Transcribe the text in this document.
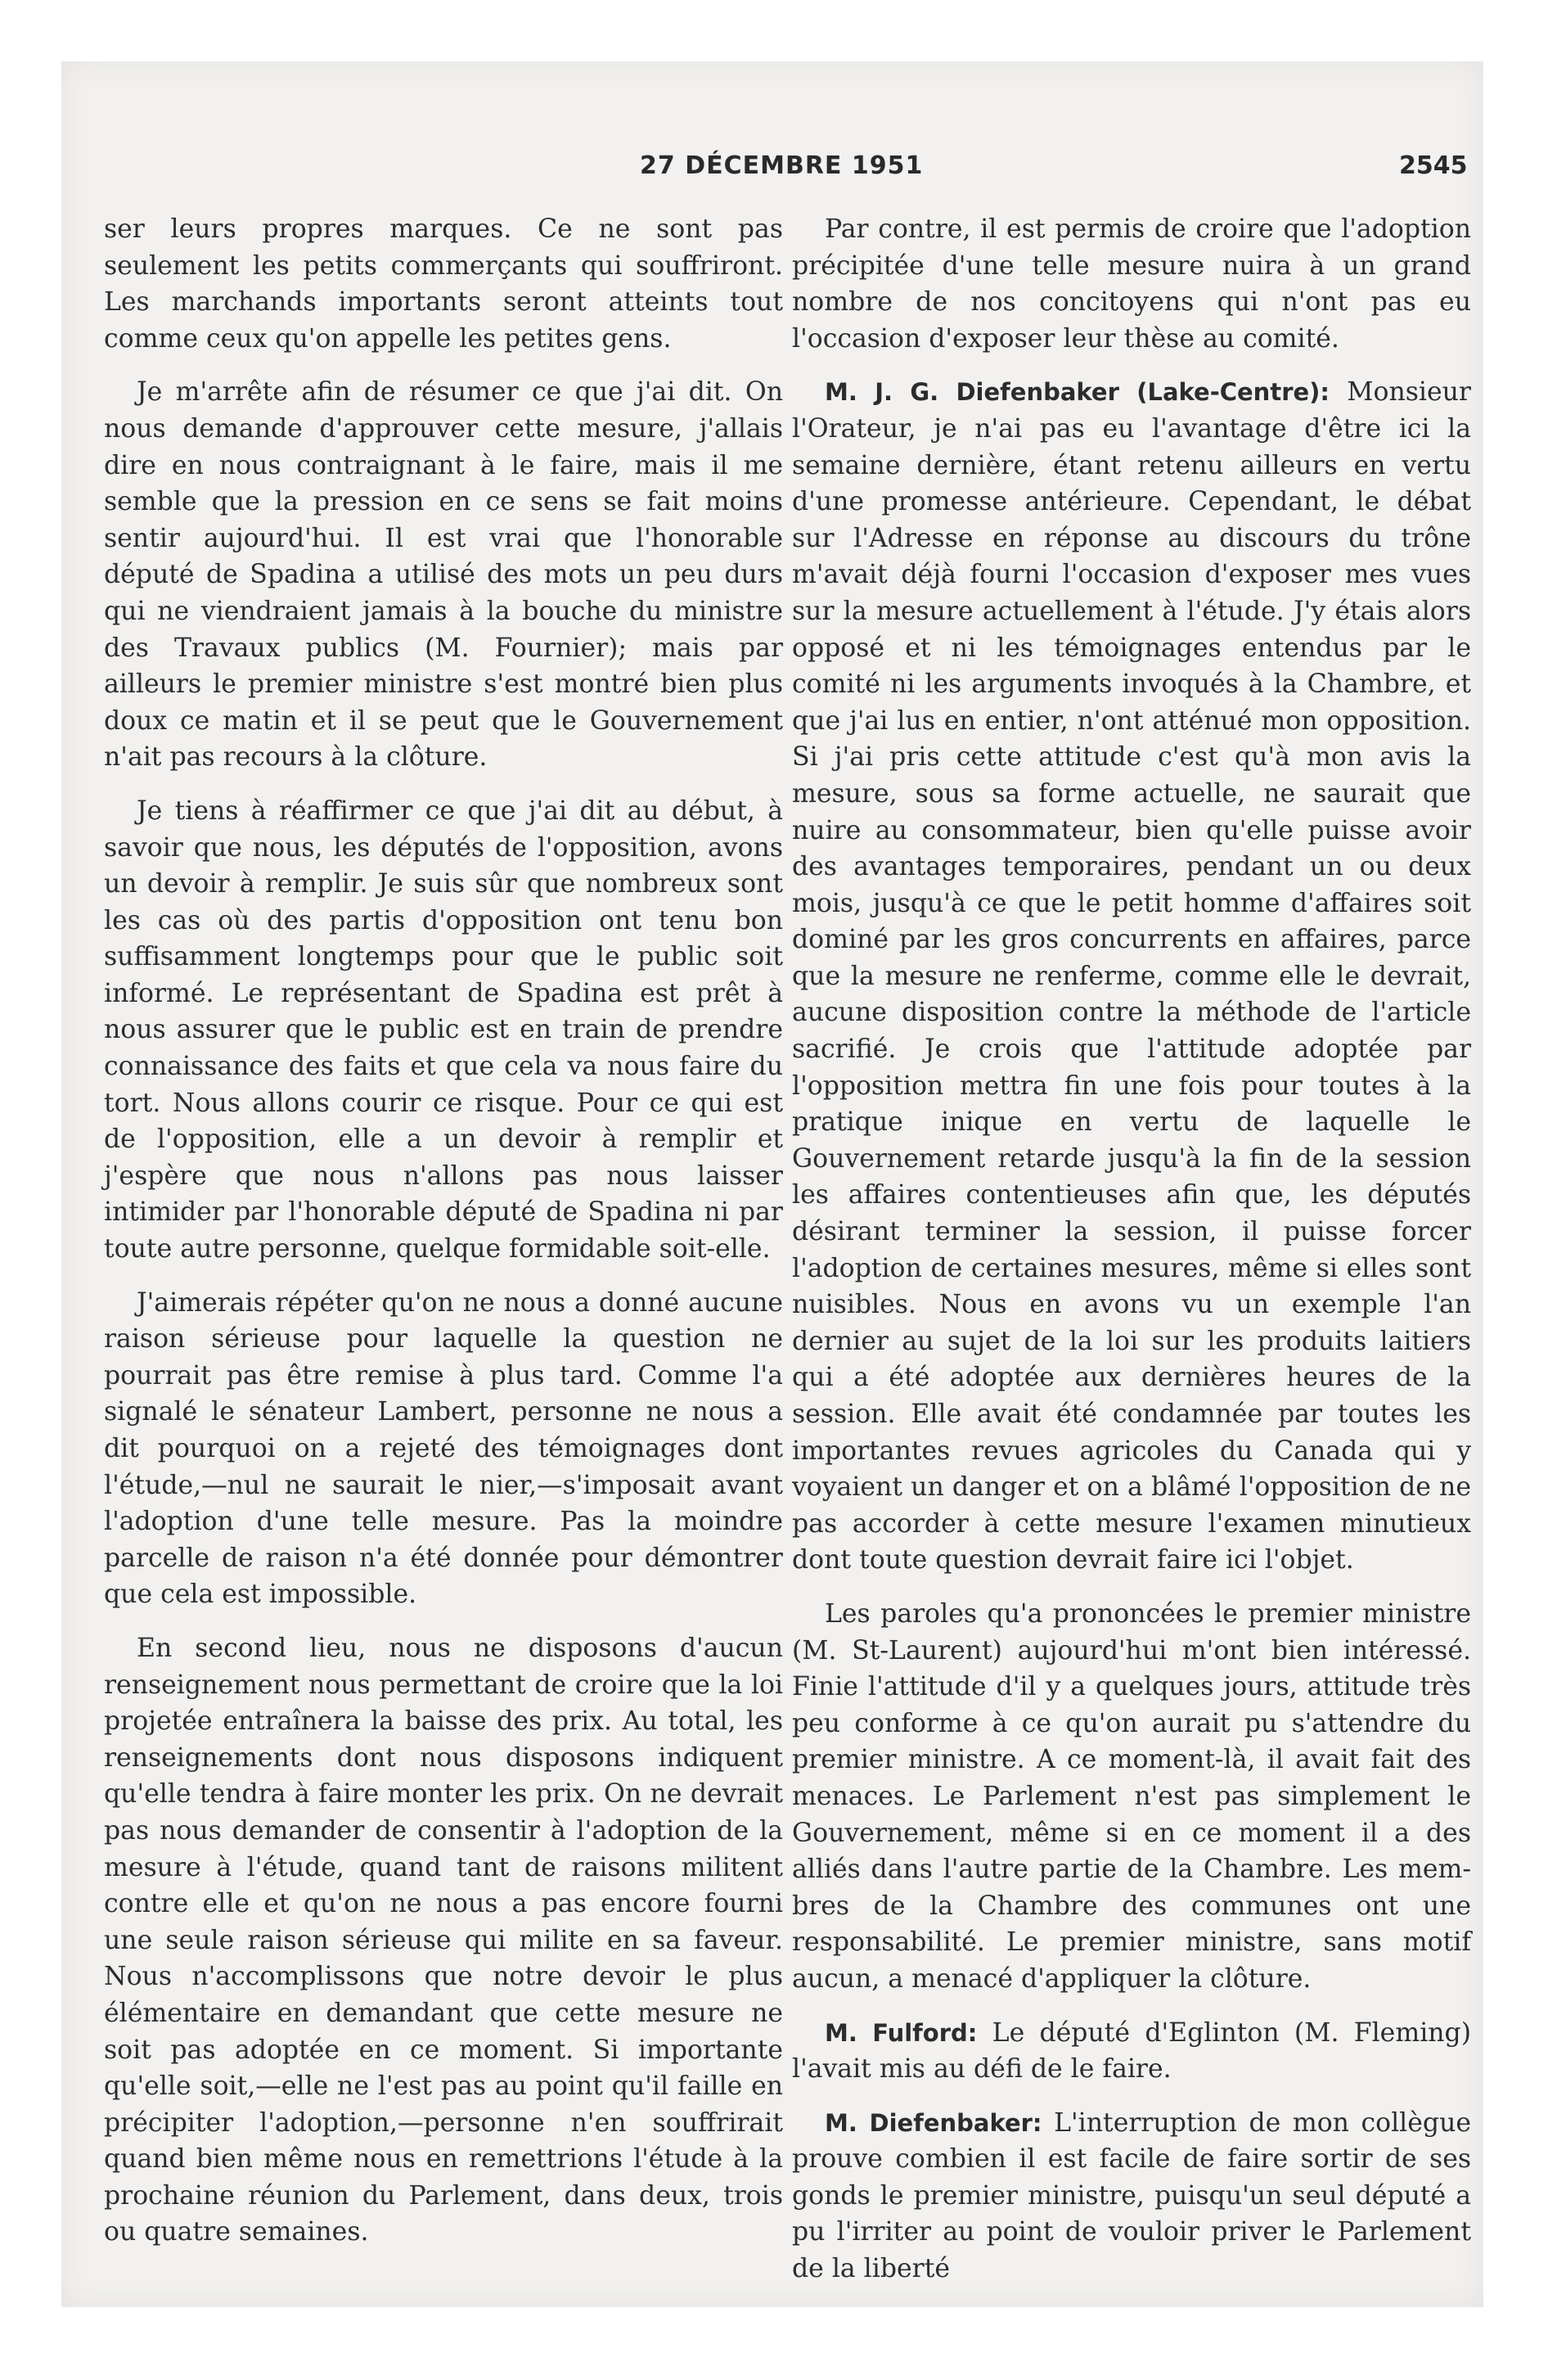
27 DÉCEMBRE 1951	2545

ser leurs propres marques. Ce ne sont pas seulement les petits commerçants qui souffriront. Les marchands importants seront atteints tout comme ceux qu'on appelle les petites gens.

Je m'arrête afin de résumer ce que j'ai dit. On nous demande d'approuver cette mesure, j'allais dire en nous contraignant à le faire, mais il me semble que la pression en ce sens se fait moins sentir aujourd'hui. Il est vrai que l'honorable député de Spadina a utilisé des mots un peu durs qui ne viendraient jamais à la bouche du ministre des Travaux publics (M. Fournier); mais par ailleurs le premier ministre s'est montré bien plus doux ce matin et il se peut que le Gouvernement n'ait pas recours à la clôture.

Je tiens à réaffirmer ce que j'ai dit au début, à savoir que nous, les députés de l'opposition, avons un devoir à remplir. Je suis sûr que nombreux sont les cas où des partis d'opposition ont tenu bon suffisamment longtemps pour que le public soit informé. Le représentant de Spadina est prêt à nous assurer que le public est en train de prendre connaissance des faits et que cela va nous faire du tort. Nous allons courir ce risque. Pour ce qui est de l'opposition, elle a un devoir à remplir et j'espère que nous n'allons pas nous laisser intimider par l'honorable député de Spadina ni par toute autre personne, quelque formidable soit-elle.

J'aimerais répéter qu'on ne nous a donné aucune raison sérieuse pour laquelle la question ne pourrait pas être remise à plus tard. Comme l'a signalé le sénateur Lambert, personne ne nous a dit pourquoi on a rejeté des témoignages dont l'étude,—nul ne saurait le nier,—s'imposait avant l'adoption d'une telle mesure. Pas la moindre parcelle de raison n'a été donnée pour démontrer que cela est impossible.

En second lieu, nous ne disposons d'aucun renseignement nous permettant de croire que la loi projetée entraînera la baisse des prix. Au total, les renseignements dont nous disposons indiquent qu'elle tendra à faire monter les prix. On ne devrait pas nous demander de consentir à l'adoption de la mesure à l'étude, quand tant de raisons militent contre elle et qu'on ne nous a pas encore fourni une seule raison sérieuse qui milite en sa faveur. Nous n'accomplissons que notre devoir le plus élémentaire en demandant que cette mesure ne soit pas adoptée en ce moment. Si importante qu'elle soit,—elle ne l'est pas au point qu'il faille en précipiter l'adoption,—personne n'en souffrirait quand bien même nous en remettrions l'étude à la prochaine réunion du Parlement, dans deux, trois ou quatre semaines.

Par contre, il est permis de croire que l'adoption précipitée d'une telle mesure nuira à un grand nombre de nos concitoyens qui n'ont pas eu l'occasion d'exposer leur thèse au comité.

M. J. G. Diefenbaker (Lake-Centre): Monsieur l'Orateur, je n'ai pas eu l'avantage d'être ici la semaine dernière, étant retenu ailleurs en vertu d'une promesse antérieure. Cependant, le débat sur l'Adresse en réponse au discours du trône m'avait déjà fourni l'occasion d'exposer mes vues sur la mesure actuellement à l'étude. J'y étais alors opposé et ni les témoignages entendus par le comité ni les arguments invoqués à la Chambre, et que j'ai lus en entier, n'ont atténué mon opposition. Si j'ai pris cette attitude c'est qu'à mon avis la mesure, sous sa forme actuelle, ne saurait que nuire au consommateur, bien qu'elle puisse avoir des avantages temporaires, pendant un ou deux mois, jusqu'à ce que le petit homme d'affaires soit dominé par les gros concurrents en affaires, parce que la mesure ne renferme, comme elle le devrait, aucune disposition contre la méthode de l'article sacrifié. Je crois que l'attitude adoptée par l'opposition mettra fin une fois pour toutes à la pratique inique en vertu de laquelle le Gouvernement retarde jusqu'à la fin de la session les affaires contentieuses afin que, les députés désirant terminer la session, il puisse forcer l'adoption de certaines mesures, même si elles sont nuisibles. Nous en avons vu un exemple l'an dernier au sujet de la loi sur les produits laitiers qui a été adoptée aux dernières heures de la session. Elle avait été condamnée par toutes les importantes revues agricoles du Canada qui y voyaient un danger et on a blâmé l'opposition de ne pas accorder à cette mesure l'examen minutieux dont toute question devrait faire ici l'objet.

Les paroles qu'a prononcées le premier ministre (M. St-Laurent) aujourd'hui m'ont bien intéressé. Finie l'attitude d'il y a quelques jours, attitude très peu conforme à ce qu'on aurait pu s'attendre du premier ministre. A ce moment-là, il avait fait des menaces. Le Parlement n'est pas simplement le Gouvernement, même si en ce moment il a des alliés dans l'autre partie de la Chambre. Les membres de la Chambre des communes ont une responsabilité. Le premier ministre, sans motif aucun, a menacé d'appliquer la clôture.

M. Fulford: Le député d'Eglinton (M. Fleming) l'avait mis au défi de le faire.

M. Diefenbaker: L'interruption de mon collègue prouve combien il est facile de faire sortir de ses gonds le premier ministre, puisqu'un seul député a pu l'irriter au point de vouloir priver le Parlement de la liberté
